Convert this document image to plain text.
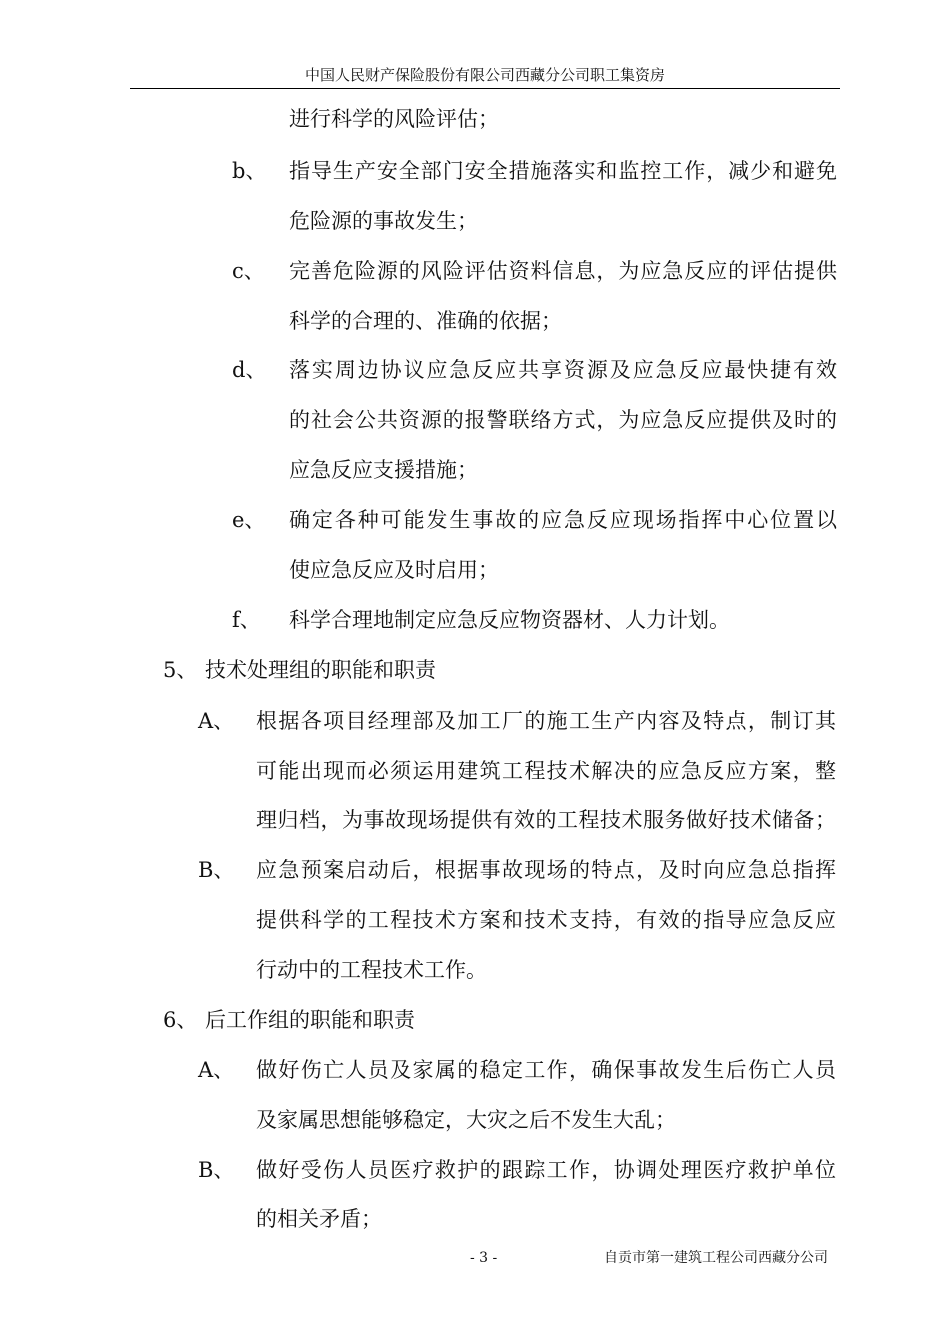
中国人民财产保险股份有限公司西藏分公司职工集资房
进行科学的风险评估；
b、 指导生产安全部门安全措施落实和监控工作，减少和避免
危险源的事故发生；
c、 完善危险源的风险评估资料信息，为应急反应的评估提供
科学的合理的、准确的依据；
d、 落实周边协议应急反应共享资源及应急反应最快捷有效
的社会公共资源的报警联络方式，为应急反应提供及时的
应急反应支援措施；
e、 确定各种可能发生事故的应急反应现场指挥中心位置以
使应急反应及时启用；
f、 科学合理地制定应急反应物资器材、人力计划。
5、 技术处理组的职能和职责
A、 根据各项目经理部及加工厂的施工生产内容及特点，制订其
可能出现而必须运用建筑工程技术解决的应急反应方案，整
理归档，为事故现场提供有效的工程技术服务做好技术储备；
B、 应急预案启动后，根据事故现场的特点，及时向应急总指挥
提供科学的工程技术方案和技术支持，有效的指导应急反应
行动中的工程技术工作。
6、 后工作组的职能和职责
A、 做好伤亡人员及家属的稳定工作，确保事故发生后伤亡人员
及家属思想能够稳定，大灾之后不发生大乱；
B、 做好受伤人员医疗救护的跟踪工作，协调处理医疗救护单位
的相关矛盾；
- 3 -	自贡市第一建筑工程公司西藏分公司
